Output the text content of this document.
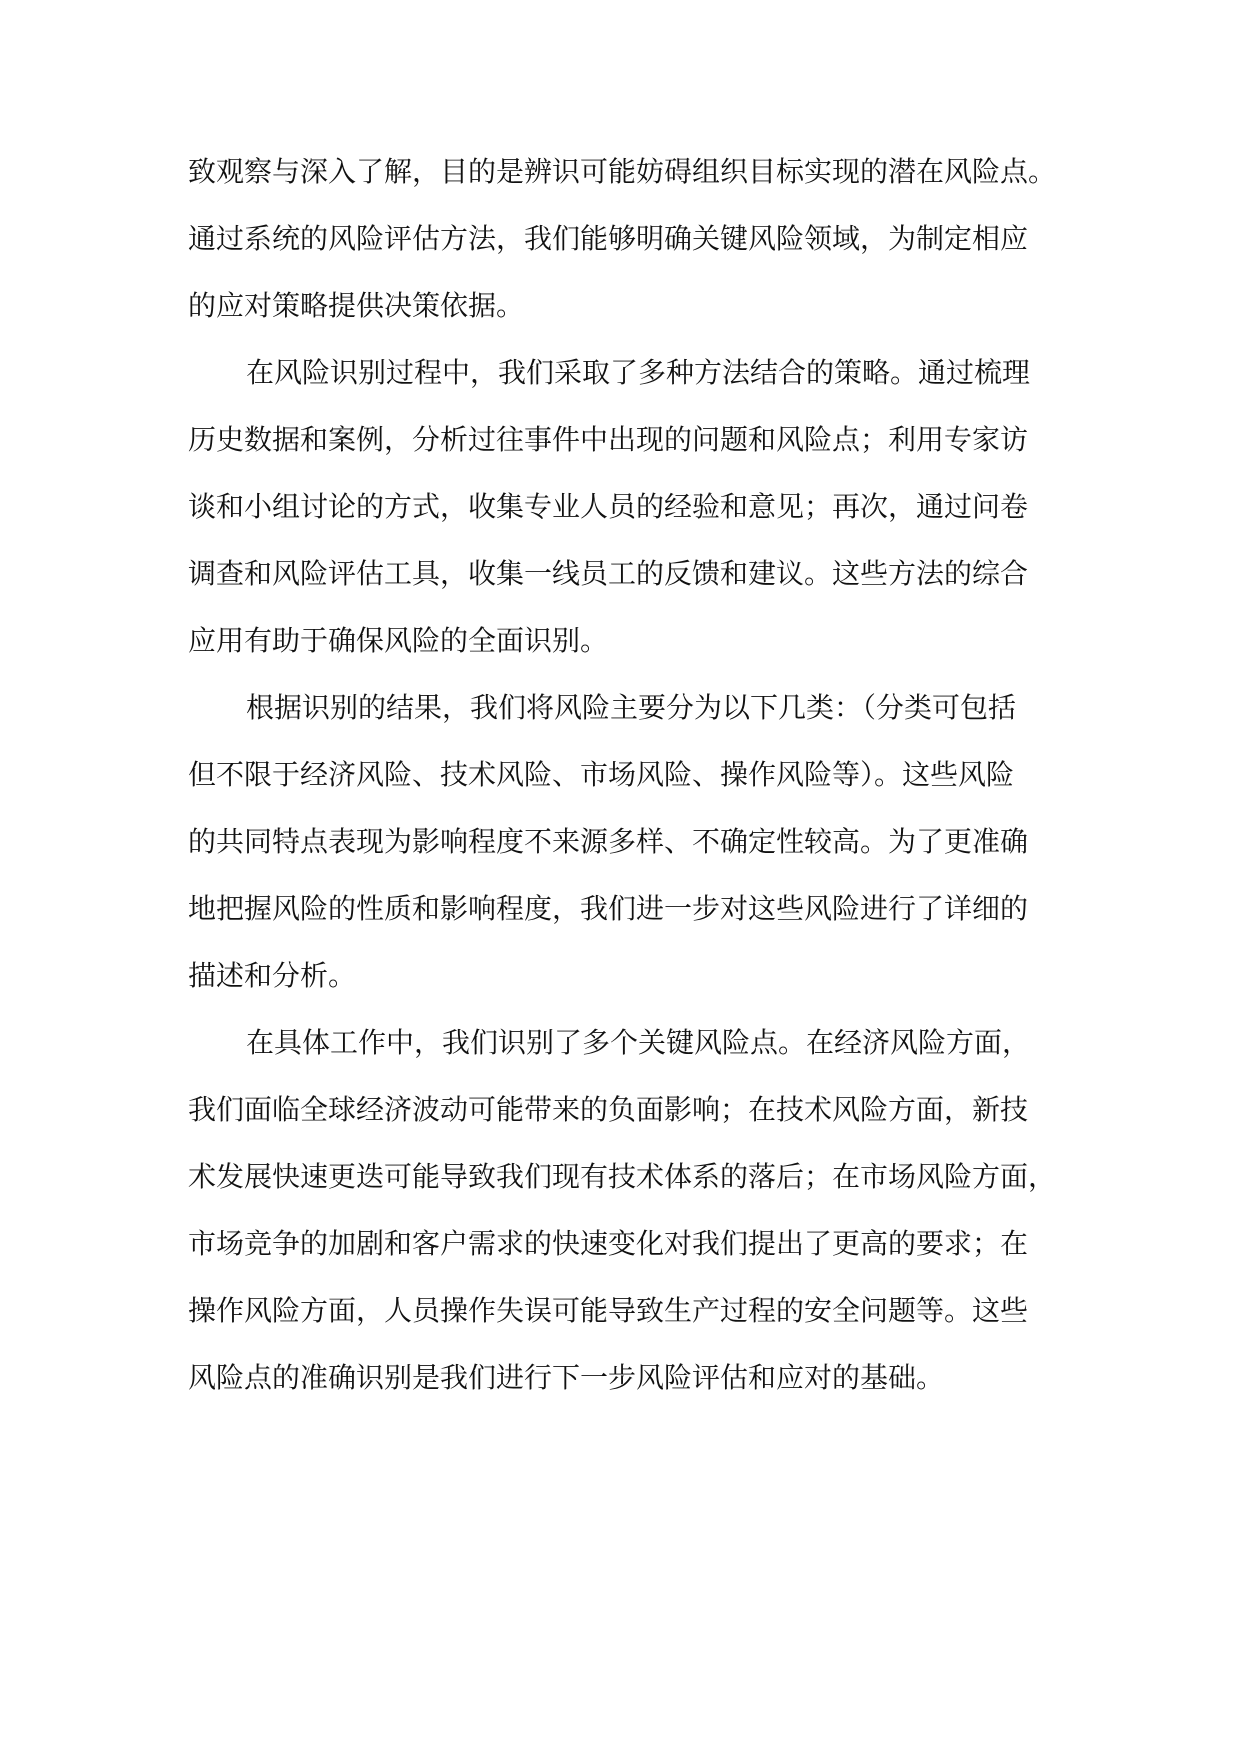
致观察与深入了解，目的是辨识可能妨碍组织目标实现的潜在风险点。
通过系统的风险评估方法，我们能够明确关键风险领域，为制定相应
的应对策略提供决策依据。
在风险识别过程中，我们采取了多种方法结合的策略。通过梳理
历史数据和案例，分析过往事件中出现的问题和风险点；利用专家访
谈和小组讨论的方式，收集专业人员的经验和意见；再次，通过问卷
调查和风险评估工具，收集一线员工的反馈和建议。这些方法的综合
应用有助于确保风险的全面识别。
根据识别的结果，我们将风险主要分为以下几类：（分类可包括
但不限于经济风险、技术风险、市场风险、操作风险等）。这些风险
的共同特点表现为影响程度不来源多样、不确定性较高。为了更准确
地把握风险的性质和影响程度，我们进一步对这些风险进行了详细的
描述和分析。
在具体工作中，我们识别了多个关键风险点。在经济风险方面，
我们面临全球经济波动可能带来的负面影响；在技术风险方面，新技
术发展快速更迭可能导致我们现有技术体系的落后；在市场风险方面，
市场竞争的加剧和客户需求的快速变化对我们提出了更高的要求；在
操作风险方面，人员操作失误可能导致生产过程的安全问题等。这些
风险点的准确识别是我们进行下一步风险评估和应对的基础。
